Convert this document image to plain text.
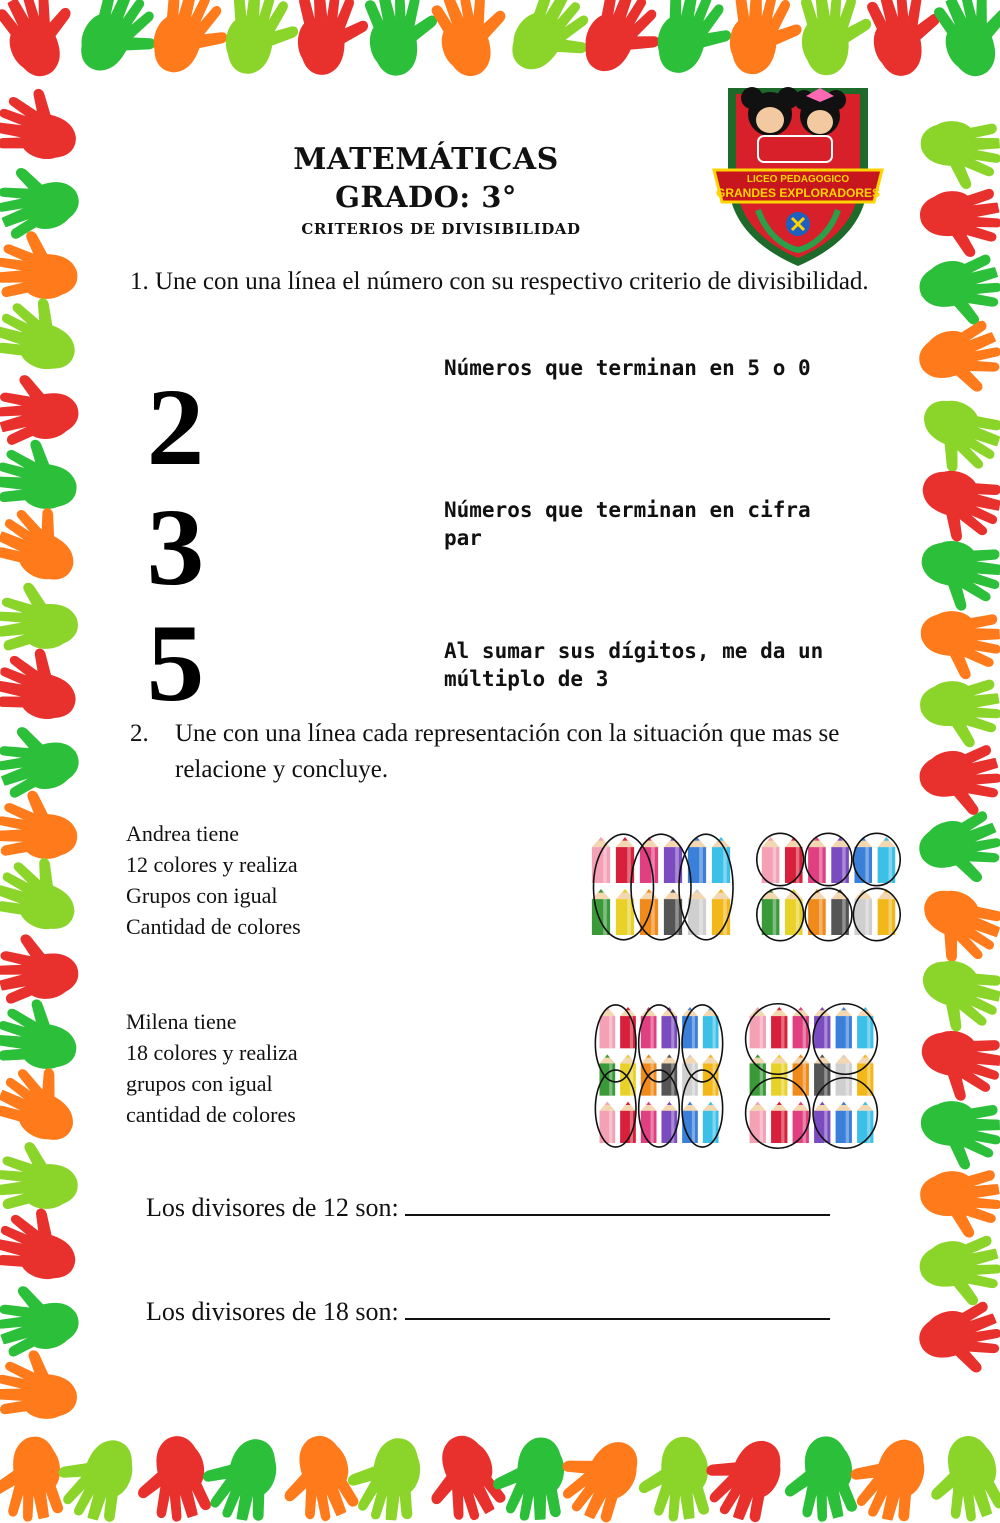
MATEMÁTICAS
GRADO: 3°
CRITERIOS DE DIVISIBILIDAD
LICEO PEDAGOGICO
GRANDES EXPLORADORES

1. Une con una línea el número con su respectivo criterio de divisibilidad.

2
3
5
Números que terminan en 5 o 0
Números que terminan en cifra par
Al sumar sus dígitos, me da un múltiplo de 3
2. Une con una línea cada representación con la situación que mas se relacione y concluye.

Andrea tiene
12 colores y realiza
Grupos con igual
Cantidad de colores
Milena tiene
18 colores y realiza
grupos con igual
cantidad de colores
Los divisores de 12 son:
Los divisores de 18 son:
